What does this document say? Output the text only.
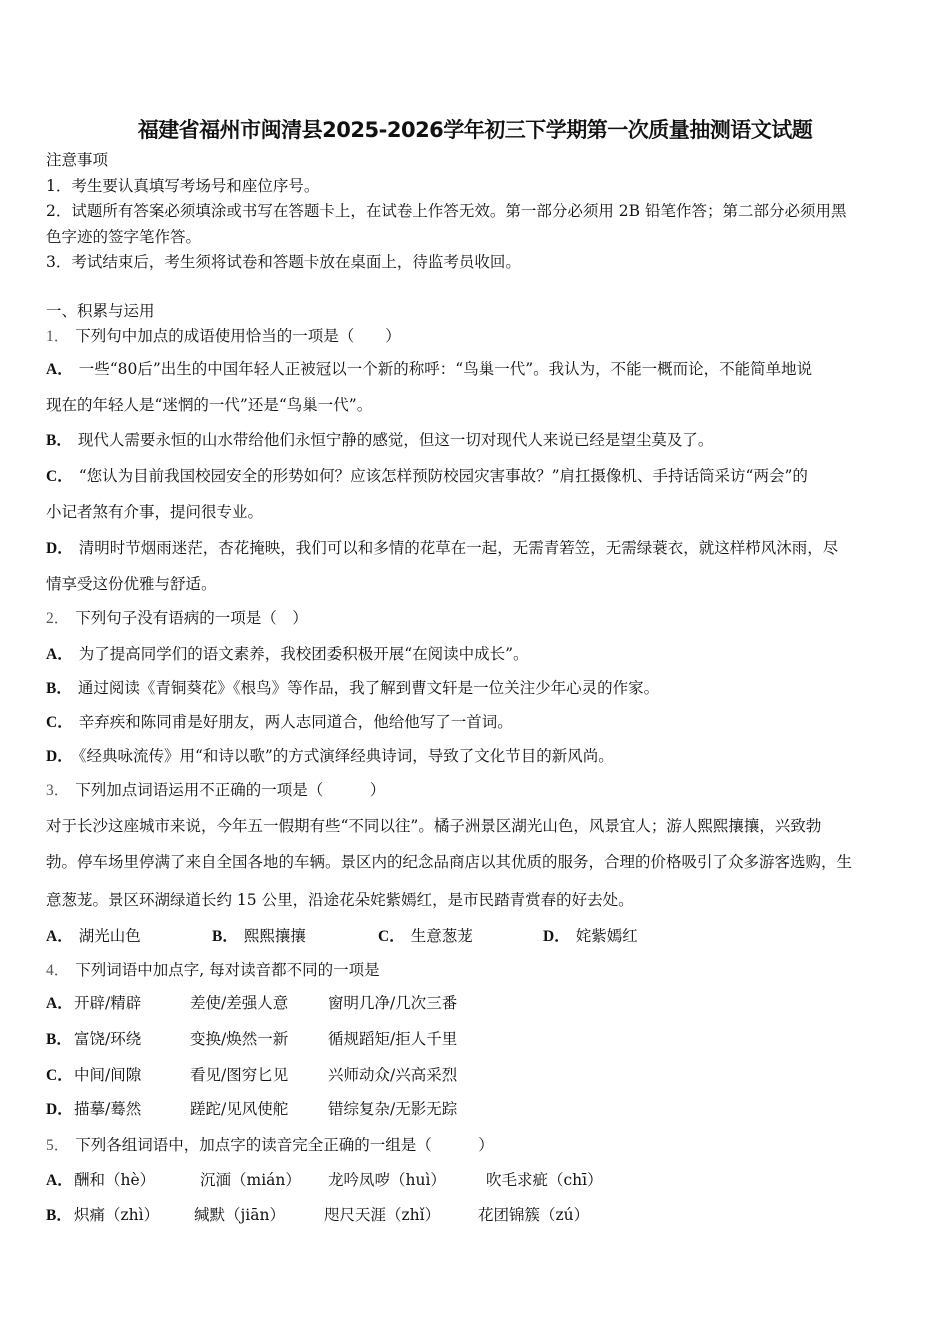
福建省福州市闽清县2025-2026学年初三下学期第一次质量抽测语文试题
注意事项
1．考生要认真填写考场号和座位序号。
2．试题所有答案必须填涂或书写在答题卡上，在试卷上作答无效。第一部分必须用 2B 铅笔作答；第二部分必须用黑
色字迹的签字笔作答。
3．考试结束后，考生须将试卷和答题卡放在桌面上，待监考员收回。
一、积累与运用
1． 下列句中加点的成语使用恰当的一项是（　　）
A． 一些“80后”出生的中国年轻人正被冠以一个新的称呼：“鸟巢一代”。我认为，不能一概而论，不能简单地说
现在的年轻人是“迷惘的一代”还是“鸟巢一代”。
B． 现代人需要永恒的山水带给他们永恒宁静的感觉，但这一切对现代人来说已经是望尘莫及了。
C． “您认为目前我国校园安全的形势如何？应该怎样预防校园灾害事故？”肩扛摄像机、手持话筒采访“两会”的
小记者煞有介事，提问很专业。
D． 清明时节烟雨迷茫，杏花掩映，我们可以和多情的花草在一起，无需青箬笠，无需绿蓑衣，就这样栉风沐雨，尽
情享受这份优雅与舒适。
2． 下列句子没有语病的一项是（　）
A． 为了提高同学们的语文素养，我校团委积极开展“在阅读中成长”。
B． 通过阅读《青铜葵花》《根鸟》等作品，我了解到曹文轩是一位关注少年心灵的作家。
C． 辛弃疾和陈同甫是好朋友，两人志同道合，他给他写了一首词。
D． 《经典咏流传》用“和诗以歌”的方式演绎经典诗词，导致了文化节目的新风尚。
3． 下列加点词语运用不正确的一项是（　　　）
对于长沙这座城市来说，今年五一假期有些“不同以往”。橘子洲景区湖光山色，风景宜人；游人熙熙攘攘，兴致勃
勃。停车场里停满了来自全国各地的车辆。景区内的纪念品商店以其优质的服务，合理的价格吸引了众多游客选购，生
意葱茏。景区环湖绿道长约 15 公里，沿途花朵姹紫嫣红，是市民踏青赏春的好去处。
A． 湖光山色	B． 熙熙攘攘	C． 生意葱茏	D． 姹紫嫣红
4． 下列词语中加点字, 每对读音都不同的一项是
A． 开辟/精辟	差使/差强人意	窗明几净/几次三番
B． 富饶/环绕	变换/焕然一新	循规蹈矩/拒人千里
C． 中间/间隙	看见/图穷匕见	兴师动众/兴高采烈
D． 描摹/蓦然	蹉跎/见风使舵	错综复杂/无影无踪
5． 下列各组词语中，加点字的读音完全正确的一组是（　　　）
A． 酬和（hè）	沉湎（mián） 龙吟凤哕（huì）	吹毛求疵（chī）
B． 炽痛（zhì） 缄默（jiān）	咫尺天涯（zhǐ） 花团锦簇（zú）
